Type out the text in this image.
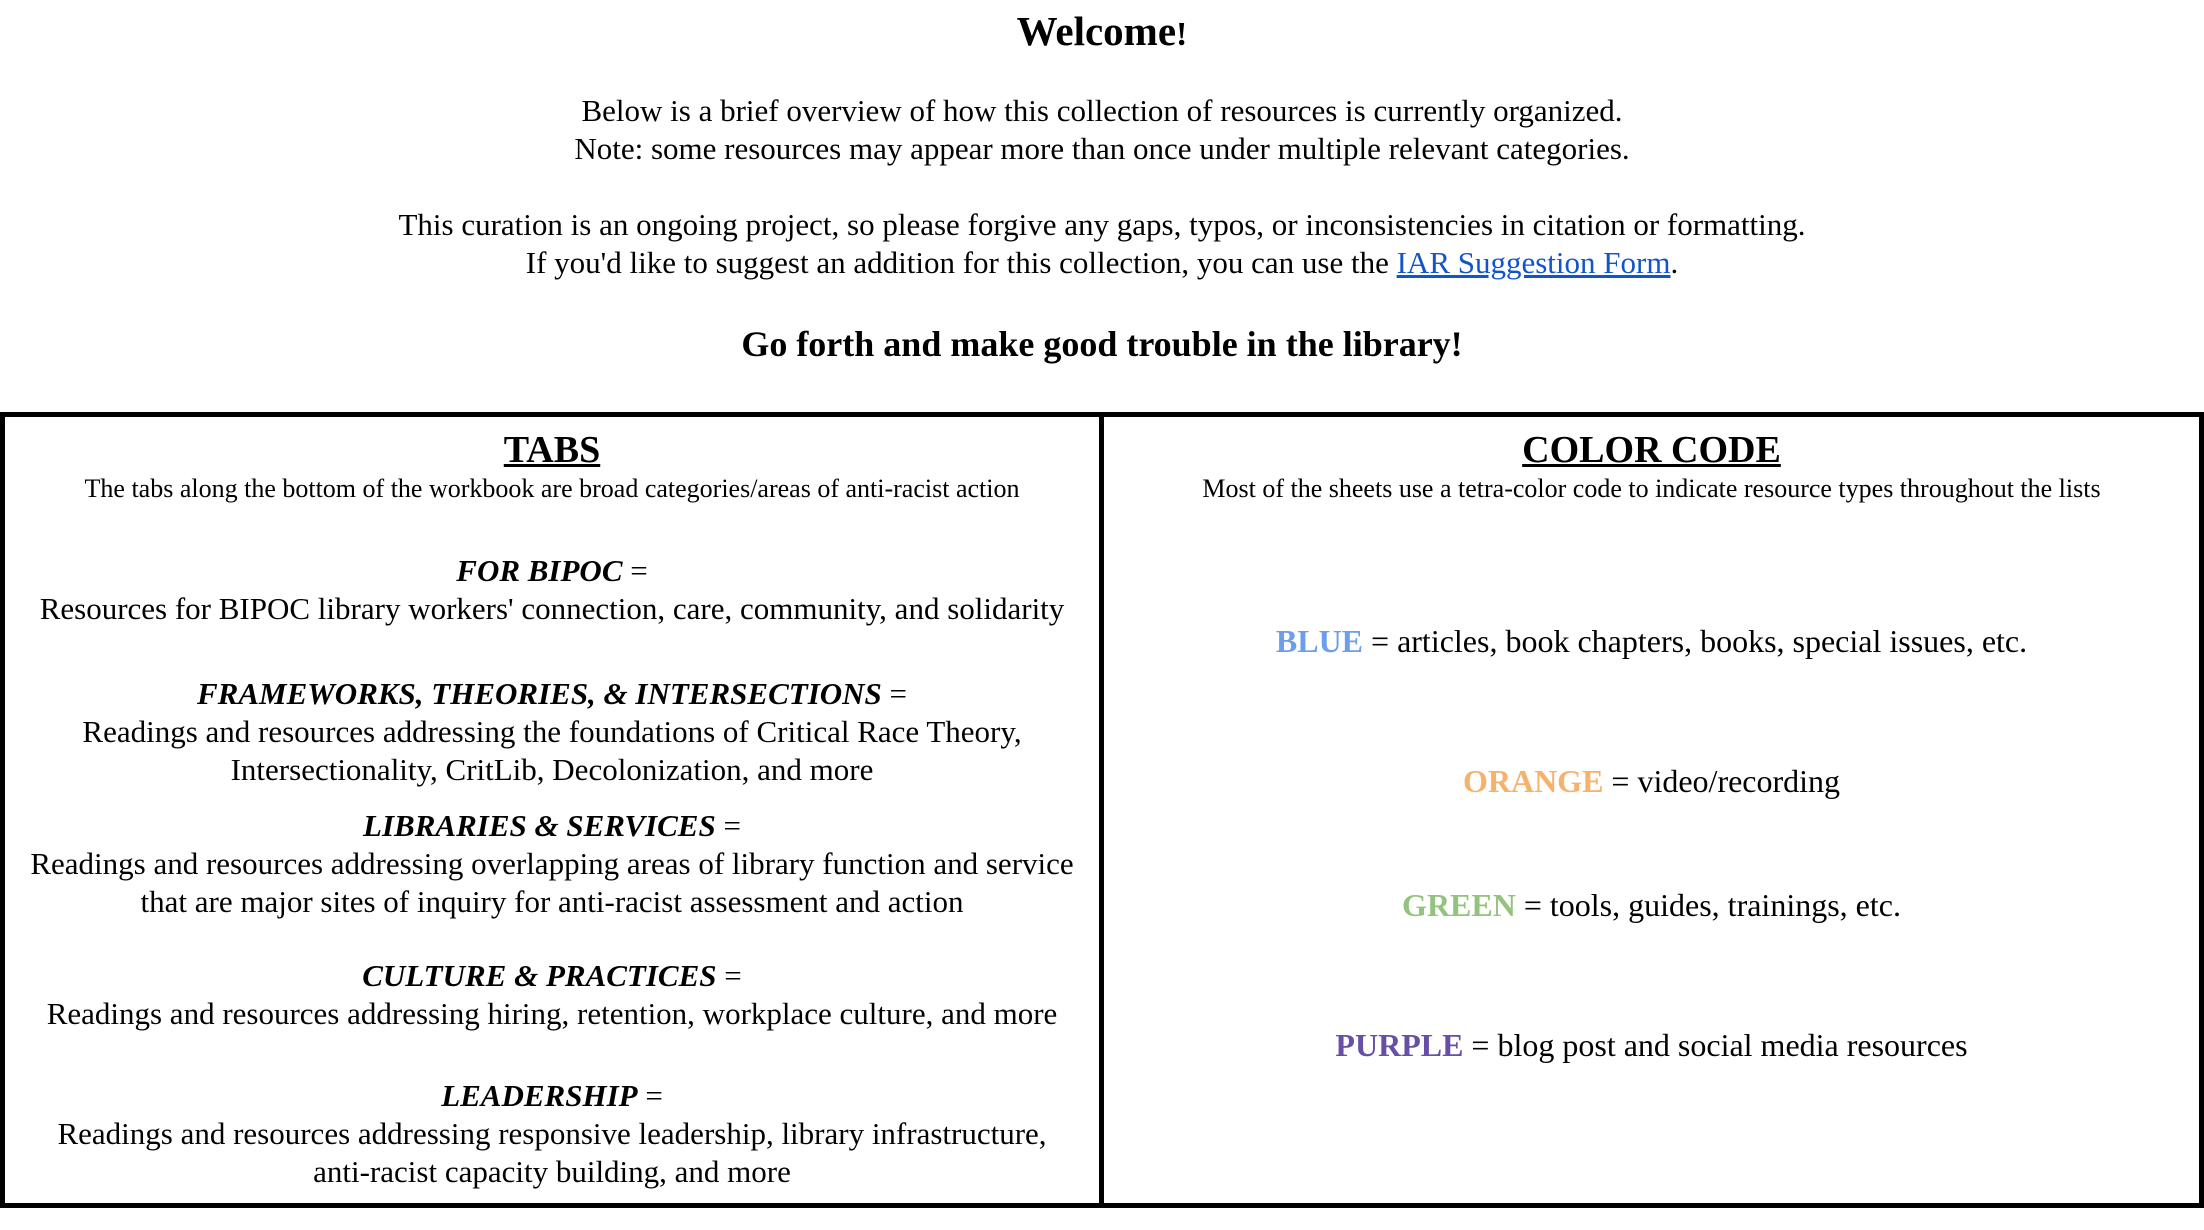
Welcome!
Below is a brief overview of how this collection of resources is currently organized.
Note: some resources may appear more than once under multiple relevant categories.
This curation is an ongoing project, so please forgive any gaps, typos, or inconsistencies in citation or formatting.
If you'd like to suggest an addition for this collection, you can use the IAR Suggestion Form.
Go forth and make good trouble in the library!
TABS
The tabs along the bottom of the workbook are broad categories/areas of anti-racist action
FOR BIPOC =
Resources for BIPOC library workers' connection, care, community, and solidarity
FRAMEWORKS, THEORIES, & INTERSECTIONS =
Readings and resources addressing the foundations of Critical Race Theory,
Intersectionality, CritLib, Decolonization, and more
LIBRARIES & SERVICES =
Readings and resources addressing overlapping areas of library function and service
that are major sites of inquiry for anti-racist assessment and action
CULTURE & PRACTICES =
Readings and resources addressing hiring, retention, workplace culture, and more
LEADERSHIP =
Readings and resources addressing responsive leadership, library infrastructure,
anti-racist capacity building, and more
COLOR CODE
Most of the sheets use a tetra-color code to indicate resource types throughout the lists
BLUE = articles, book chapters, books, special issues, etc.
ORANGE = video/recording
GREEN = tools, guides, trainings, etc.
PURPLE = blog post and social media resources
